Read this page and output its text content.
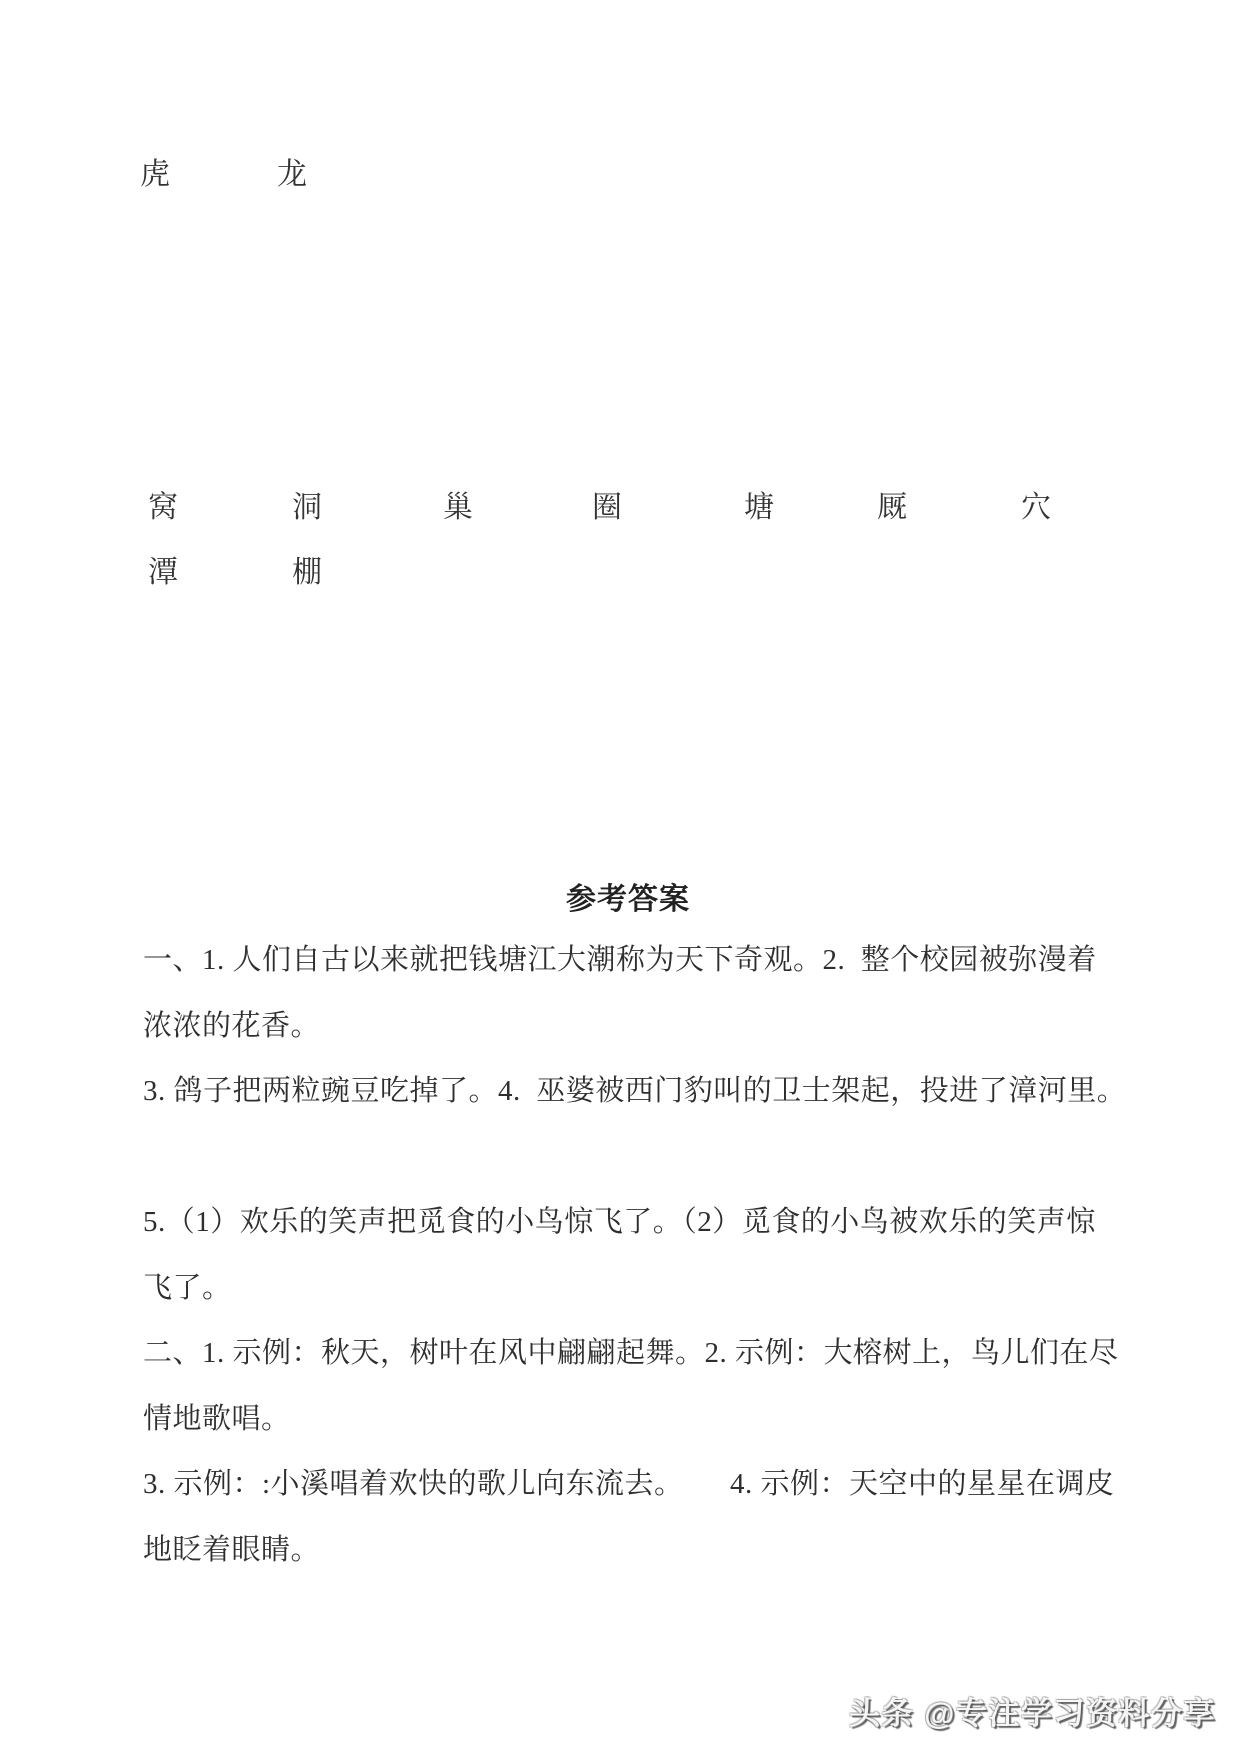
虎	龙
窝	洞	巢	圈	塘	厩	穴
潭	棚
参考答案
一、1. 人们自古以来就把钱塘江大潮称为天下奇观。2.  整个校园被弥漫着
浓浓的花香。
3. 鸽子把两粒豌豆吃掉了。4.  巫婆被西门豹叫的卫士架起，投进了漳河里。
5.（1）欢乐的笑声把觅食的小鸟惊飞了。（2）觅食的小鸟被欢乐的笑声惊
飞了。
二、1. 示例：秋天，树叶在风中翩翩起舞。2. 示例：大榕树上，鸟儿们在尽
情地歌唱。
3. 示例：:小溪唱着欢快的歌儿向东流去。      4. 示例：天空中的星星在调皮
地眨着眼睛。
头条 @专注学习资料分享
